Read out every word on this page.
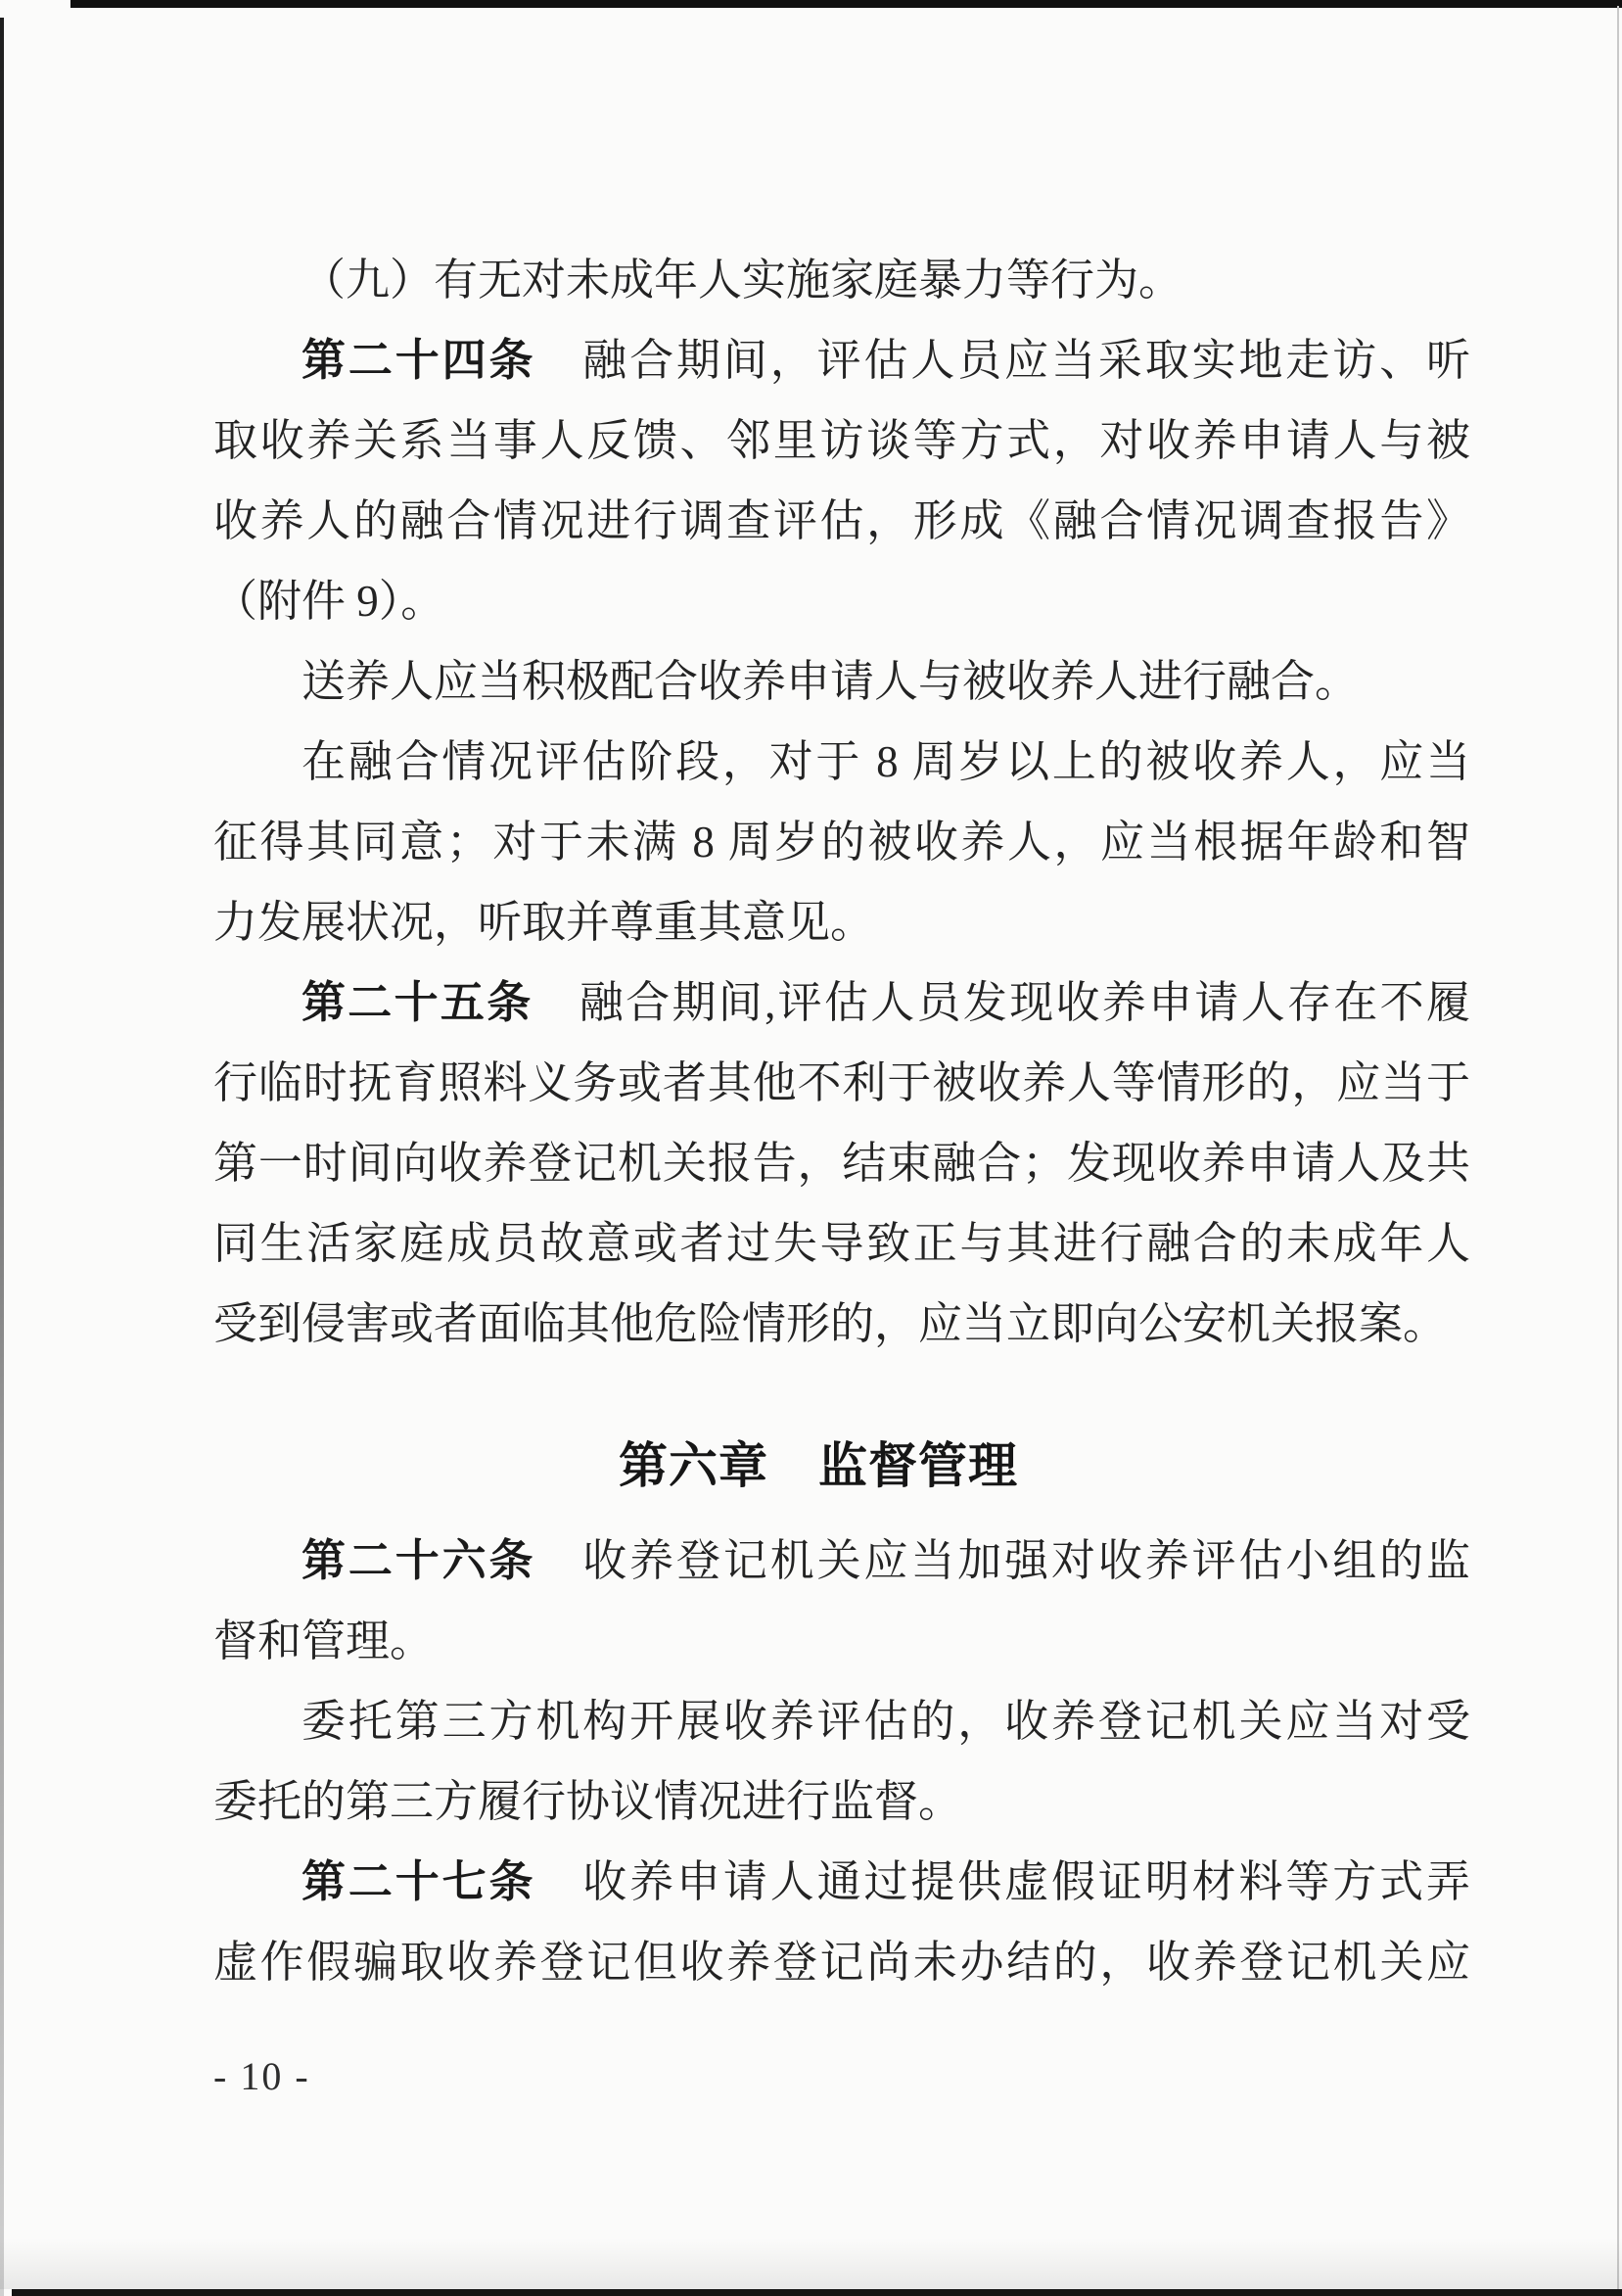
（九）有无对未成年人实施家庭暴力等行为。
第二十四条　融合期间，评估人员应当采取实地走访、听
取收养关系当事人反馈、邻里访谈等方式，对收养申请人与被
收养人的融合情况进行调查评估，形成《融合情况调查报告》
（附件 9）。
送养人应当积极配合收养申请人与被收养人进行融合。
在融合情况评估阶段，对于 8 周岁以上的被收养人，应当
征得其同意；对于未满 8 周岁的被收养人，应当根据年龄和智
力发展状况，听取并尊重其意见。
第二十五条　融合期间,评估人员发现收养申请人存在不履
行临时抚育照料义务或者其他不利于被收养人等情形的，应当于
第一时间向收养登记机关报告，结束融合；发现收养申请人及共
同生活家庭成员故意或者过失导致正与其进行融合的未成年人
受到侵害或者面临其他危险情形的，应当立即向公安机关报案。
第六章　监督管理
第二十六条　收养登记机关应当加强对收养评估小组的监
督和管理。
委托第三方机构开展收养评估的，收养登记机关应当对受
委托的第三方履行协议情况进行监督。
第二十七条　收养申请人通过提供虚假证明材料等方式弄
虚作假骗取收养登记但收养登记尚未办结的，收养登记机关应
- 10 -
